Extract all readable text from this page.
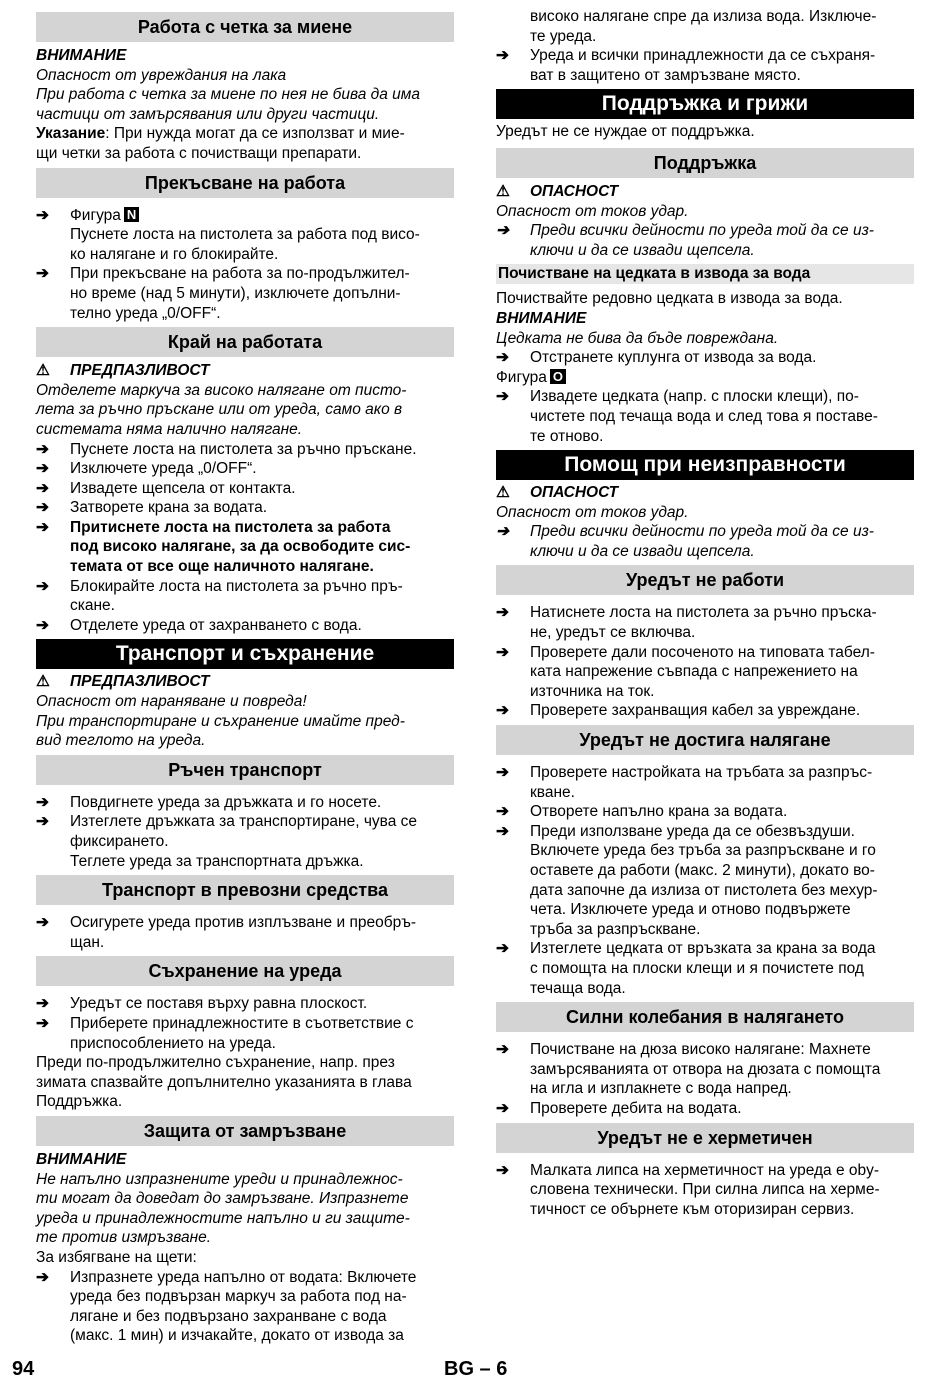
Работа с четка за миене
ВНИМАНИЕ
Опасност от увреждания на лака
При работа с четка за миене по нея не бива да има
частици от замърсявания или други частици.
Указание: При нужда могат да се използват и мие-
щи четки за работа с почистващи препарати.
Прекъсване на работа
➔ Фигура N
Пуснете лоста на пистолета за работа под висо-
ко налягане и го блокирайте.
➔ При прекъсване на работа за по-продължител-
но време (над 5 минути), изключете допълни-
телно уреда „0/OFF“.
Край на работата
⚠ ПРЕДПАЗЛИВОСТ
Отделете маркуча за високо налягане от писто-
лета за ръчно пръскане или от уреда, само ако в
системата няма налично налягане.
➔ Пуснете лоста на пистолета за ръчно пръскане.
➔ Изключете уреда „0/OFF“.
➔ Извадете щепсела от контакта.
➔ Затворете крана за водата.
➔ Притиснете лоста на пистолета за работа
под високо налягане, за да освободите сис-
темата от все още наличното налягане.
➔ Блокирайте лоста на пистолета за ръчно пръ-
скане.
➔ Отделете уреда от захранването с вода.
Транспорт и съхранение
⚠ ПРЕДПАЗЛИВОСТ
Опасност от нараняване и повреда!
При транспортиране и съхранение имайте пред-
вид теглото на уреда.
Ръчен транспорт
➔ Повдигнете уреда за дръжката и го носете.
➔ Изтеглете дръжката за транспортиране, чува се
фиксирането.
Теглете уреда за транспортната дръжка.
Транспорт в превозни средства
➔ Осигурете уреда против изплъзване и преобръ-
щан.
Съхранение на уреда
➔ Уредът се поставя върху равна плоскост.
➔ Приберете принадлежностите в съответствие с
приспособлението на уреда.
Преди по-продължително съхранение, напр. през
зимата спазвайте допълнително указанията в глава
Поддръжка.
Защита от замръзване
ВНИМАНИЕ
Не напълно изпразнените уреди и принадлежнос-
ти могат да доведат до замръзване. Изпразнете
уреда и принадлежностите напълно и ги защите-
те против измръзване.
За избягване на щети:
➔ Изпразнете уреда напълно от водата: Включете
уреда без подвързан маркуч за работа под на-
лягане и без подвързано захранване с вода
(макс. 1 мин) и изчакайте, докато от извода за
високо налягане спре да излиза вода. Изключе-
те уреда.
➔ Уреда и всички принадлежности да се съхраня-
ват в защитено от замръзване място.
Поддръжка и грижи
Уредът не се нуждае от поддръжка.
Поддръжка
⚠ ОПАСНОСТ
Опасност от токов удар.
➔ Преди всички дейности по уреда той да се из-
ключи и да се извади щепсела.
Почистване на цедката в извода за вода
Почиствайте редовно цедката в извода за вода.
ВНИМАНИЕ
Цедката не бива да бъде повреждана.
➔ Отстранете куплунга от извода за вода.
Фигура O
➔ Извадете цедката (напр. с плоски клещи), по-
чистете под течаща вода и след това я поставе-
те отново.
Помощ при неизправности
⚠ ОПАСНОСТ
Опасност от токов удар.
➔ Преди всички дейности по уреда той да се из-
ключи и да се извади щепсела.
Уредът не работи
➔ Натиснете лоста на пистолета за ръчно пръска-
не, уредът се включва.
➔ Проверете дали посоченото на типовата табел-
ката напрежение съвпада с напрежението на
източника на ток.
➔ Проверете захранващия кабел за увреждане.
Уредът не достига налягане
➔ Проверете настройката на тръбата за разпръс-
кване.
➔ Отворете напълно крана за водата.
➔ Преди използване уреда да се обезвъздуши.
Включете уреда без тръба за разпръскване и го
оставете да работи (макс. 2 минути), докато во-
дата започне да излиза от пистолета без мехур-
чета. Изключете уреда и отново подвържете
тръба за разпръскване.
➔ Изтеглете цедката от връзката за крана за вода
с помощта на плоски клещи и я почистете под
течаща вода.
Силни колебания в налягането
➔ Почистване на дюза високо налягане: Махнете
замърсяванията от отвора на дюзата с помощта
на игла и изплакнете с вода напред.
➔ Проверете дебита на водата.
Уредът не е херметичен
➔ Малката липса на херметичност на уреда е obу-
словена технически. При силна липса на херме-
тичност се обърнете към оторизиран сервиз.
94	BG – 6
